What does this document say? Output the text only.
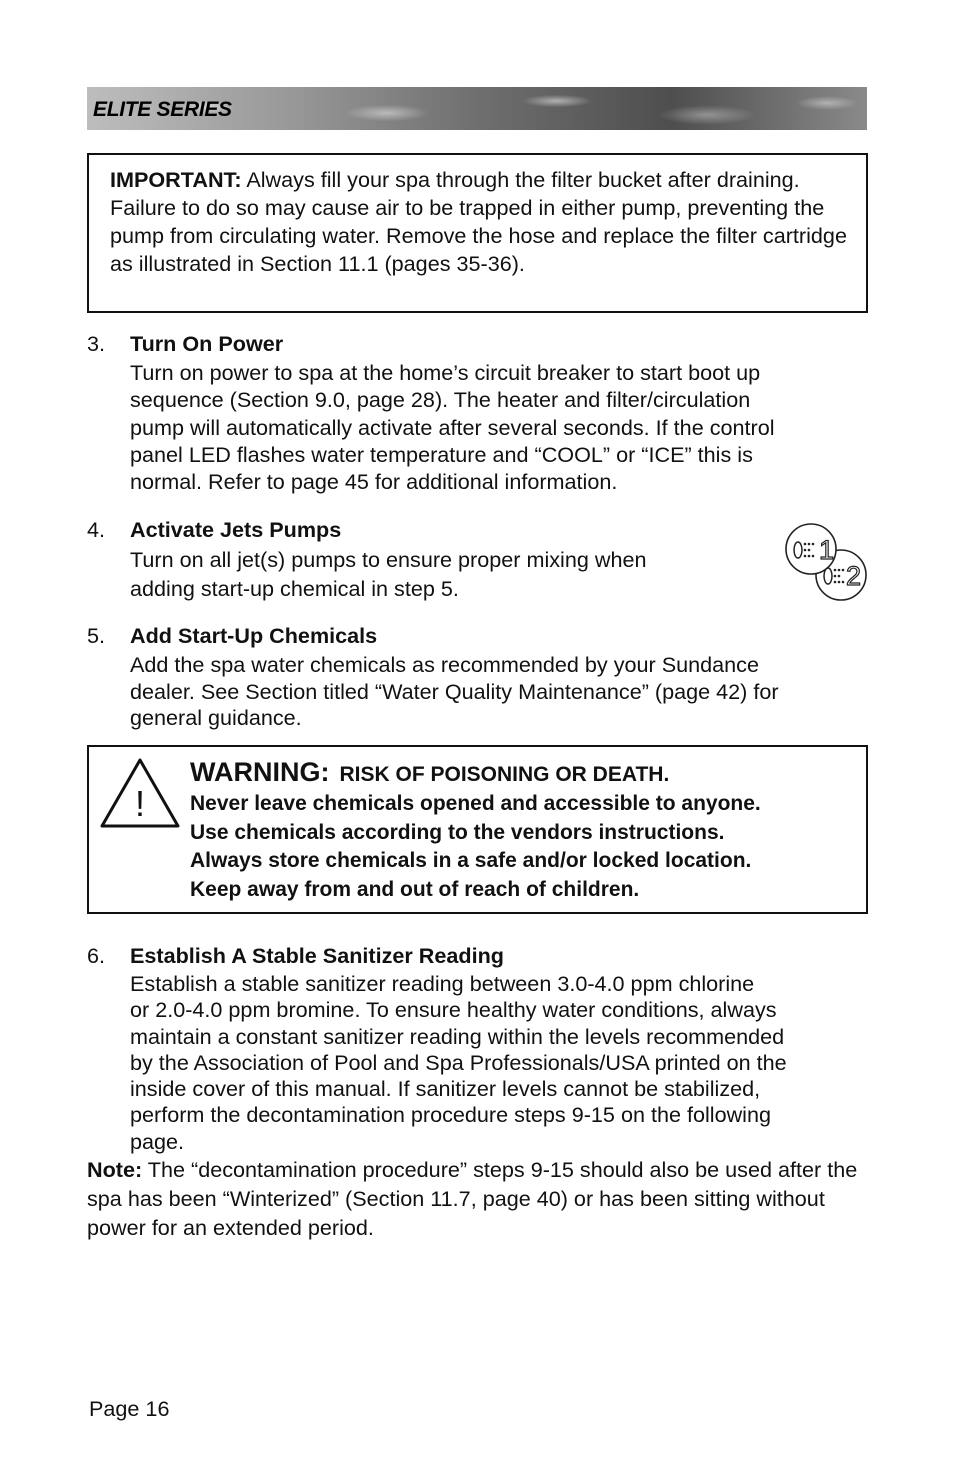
ELITE SERIES

IMPORTANT: Always fill your spa through the filter bucket after draining. Failure to do so may cause air to be trapped in either pump, preventing the pump from circulating water. Remove the hose and replace the filter cartridge as illustrated in Section 11.1 (pages 35-36).

3. Turn On Power
Turn on power to spa at the home’s circuit breaker to start boot up
sequence (Section 9.0, page 28). The heater and filter/circulation
pump will automatically activate after several seconds. If the control
panel LED flashes water temperature and “COOL” or “ICE” this is
normal. Refer to page 45 for additional information.
4. Activate Jets Pumps
Turn on all jet(s) pumps to ensure proper mixing when
adding start-up chemical in step 5.
1
2
5. Add Start-Up Chemicals
Add the spa water chemicals as recommended by your Sundance
dealer. See Section titled “Water Quality Maintenance” (page 42) for
general guidance.
!
WARNING: RISK OF POISONING OR DEATH.
Never leave chemicals opened and accessible to anyone.
Use chemicals according to the vendors instructions.
Always store chemicals in a safe and/or locked location.
Keep away from and out of reach of children.
6. Establish A Stable Sanitizer Reading
Establish a stable sanitizer reading between 3.0-4.0 ppm chlorine
or 2.0-4.0 ppm bromine. To ensure healthy water conditions, always
maintain a constant sanitizer reading within the levels recommended
by the Association of Pool and Spa Professionals/USA printed on the
inside cover of this manual. If sanitizer levels cannot be stabilized,
perform the decontamination procedure steps 9-15 on the following
page.

Note: The “decontamination procedure” steps 9-15 should also be used after the spa has been “Winterized” (Section 11.7, page 40) or has been sitting without power for an extended period.

Page 16
